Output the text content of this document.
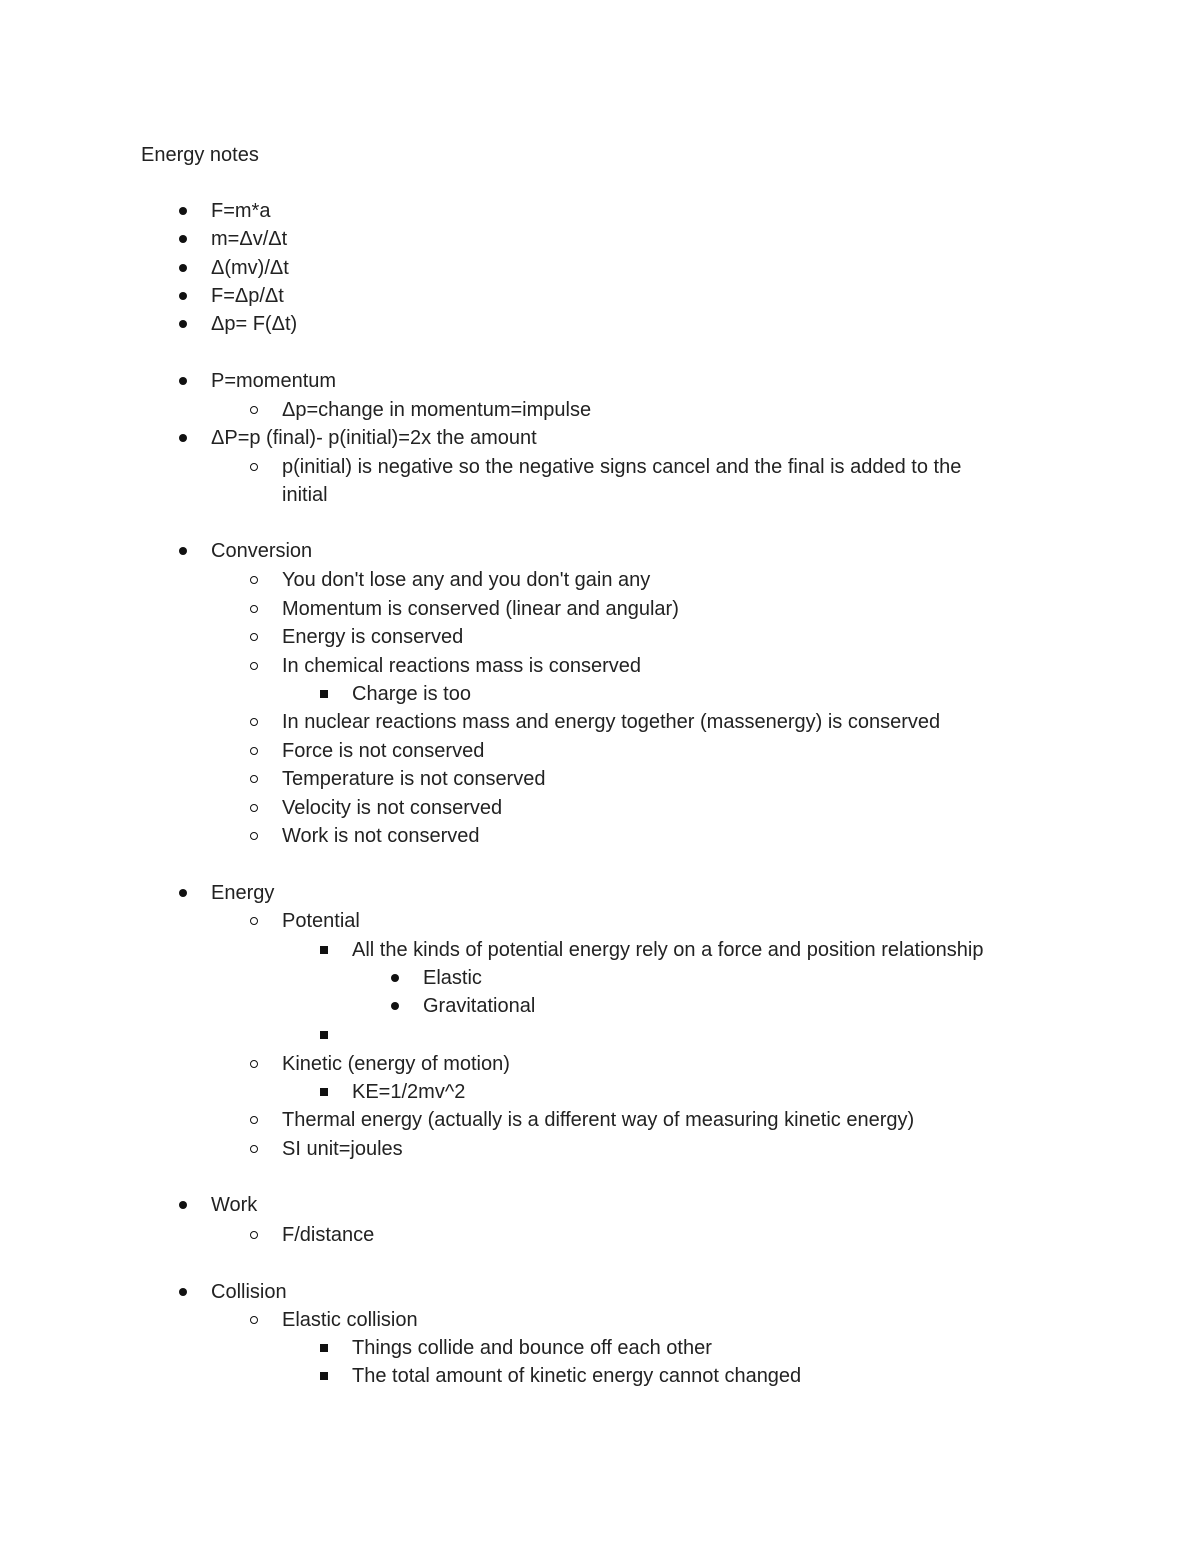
Energy notes
F=m*a
m=Δv/Δt
Δ(mv)/Δt
F=Δp/Δt
Δp= F(Δt)
P=momentum
Δp=change in momentum=impulse
ΔP=p (final)- p(initial)=2x the amount
p(initial) is negative so the negative signs cancel and the final is added to the
initial
Conversion
You don't lose any and you don't gain any
Momentum is conserved (linear and angular)
Energy is conserved
In chemical reactions mass is conserved
Charge is too
In nuclear reactions mass and energy together (massenergy) is conserved
Force is not conserved
Temperature is not conserved
Velocity is not conserved
Work is not conserved
Energy
Potential
All the kinds of potential energy rely on a force and position relationship
Elastic
Gravitational
Kinetic (energy of motion)
KE=1/2mv^2
Thermal energy (actually is a different way of measuring kinetic energy)
SI unit=joules
Work
F/distance
Collision
Elastic collision
Things collide and bounce off each other
The total amount of kinetic energy cannot changed
